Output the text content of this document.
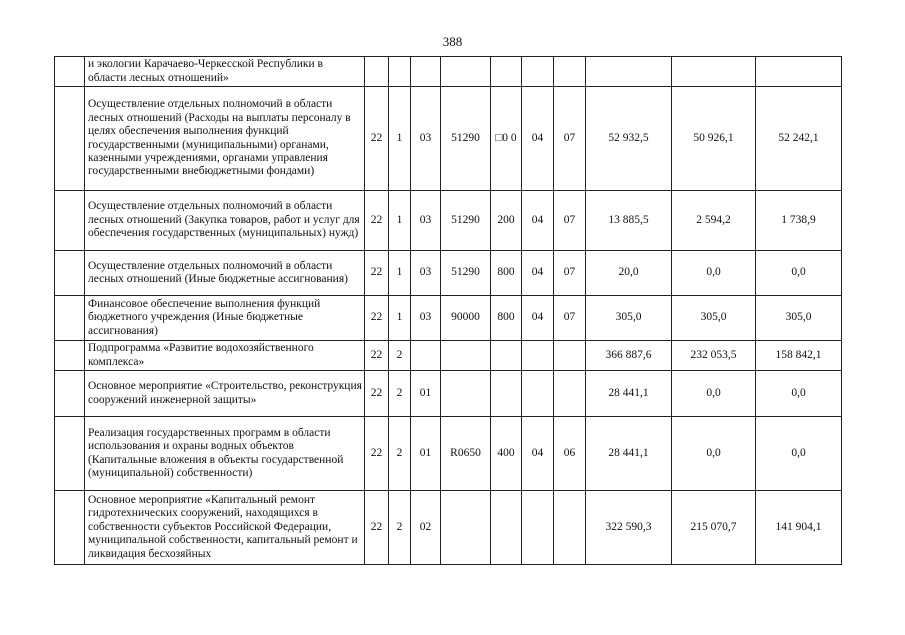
388
	и экологии Карачаево-Черкесской Республики в области лесных отношений»										
	Осуществление отдельных полномочий в области лесных отношений (Расходы на выплаты персоналу в целях обеспечения выполнения функций государственными (муниципальными) органами, казенными учреждениями, органами управления государственными внебюджетными фондами)	22	1	03	51290	□0 0	04	07	52 932,5	50 926,1	52 242,1
	Осуществление отдельных полномочий в области лесных отношений (Закупка товаров, работ и услуг для обеспечения государственных (муниципальных) нужд)	22	1	03	51290	200	04	07	13 885,5	2 594,2	1 738,9
	Осуществление отдельных полномочий в области лесных отношений (Иные бюджетные ассигнования)	22	1	03	51290	800	04	07	20,0	0,0	0,0
	Финансовое обеспечение выполнения функций бюджетного учреждения (Иные бюджетные ассигнования)	22	1	03	90000	800	04	07	305,0	305,0	305,0
	Подпрограмма «Развитие водохозяйственного комплекса»	22	2						366 887,6	232 053,5	158 842,1
	Основное мероприятие «Строительство, реконструкция сооружений инженерной защиты»	22	2	01					28 441,1	0,0	0,0
	Реализация государственных программ в области использования и охраны водных объектов (Капитальные вложения в объекты государственной (муниципальной) собственности)	22	2	01	R0650	400	04	06	28 441,1	0,0	0,0
	Основное мероприятие «Капитальный ремонт гидротехнических сооружений, находящихся в собственности субъектов Российской Федерации, муниципальной собственности, капитальный ремонт и ликвидация бесхозяйных	22	2	02					322 590,3	215 070,7	141 904,1
